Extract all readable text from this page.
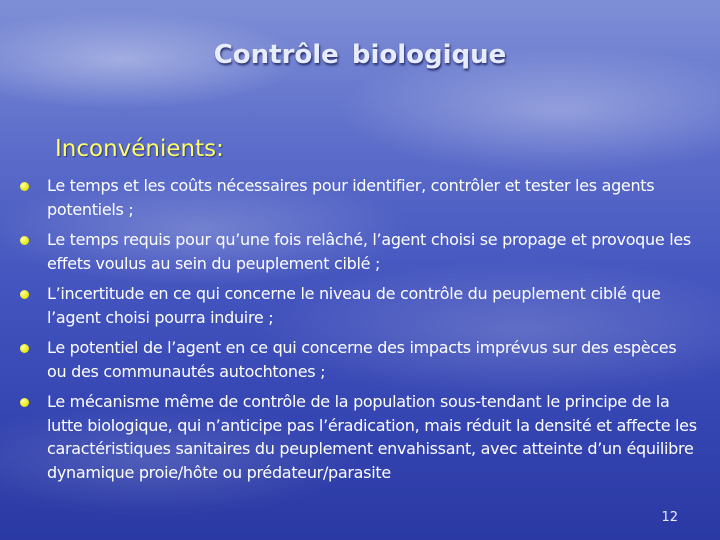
Contrôle biologique
Inconvénients:
Le temps et les coûts nécessaires pour identifier, contrôler et tester les agents potentiels ;
Le temps requis pour qu’une fois relâché, l’agent choisi se propage et provoque les effets voulus au sein du peuplement ciblé ;
L’incertitude en ce qui concerne le niveau de contrôle du peuplement ciblé que l’agent choisi pourra induire ;
Le potentiel de l’agent en ce qui concerne des impacts imprévus sur des espèces ou des communautés autochtones ;
Le mécanisme même de contrôle de la population sous-tendant le principe de la lutte biologique, qui n’anticipe pas l’éradication, mais réduit la densité et affecte les caractéristiques sanitaires du peuplement envahissant, avec atteinte d’un équilibre dynamique proie/hôte ou prédateur/parasite
12
